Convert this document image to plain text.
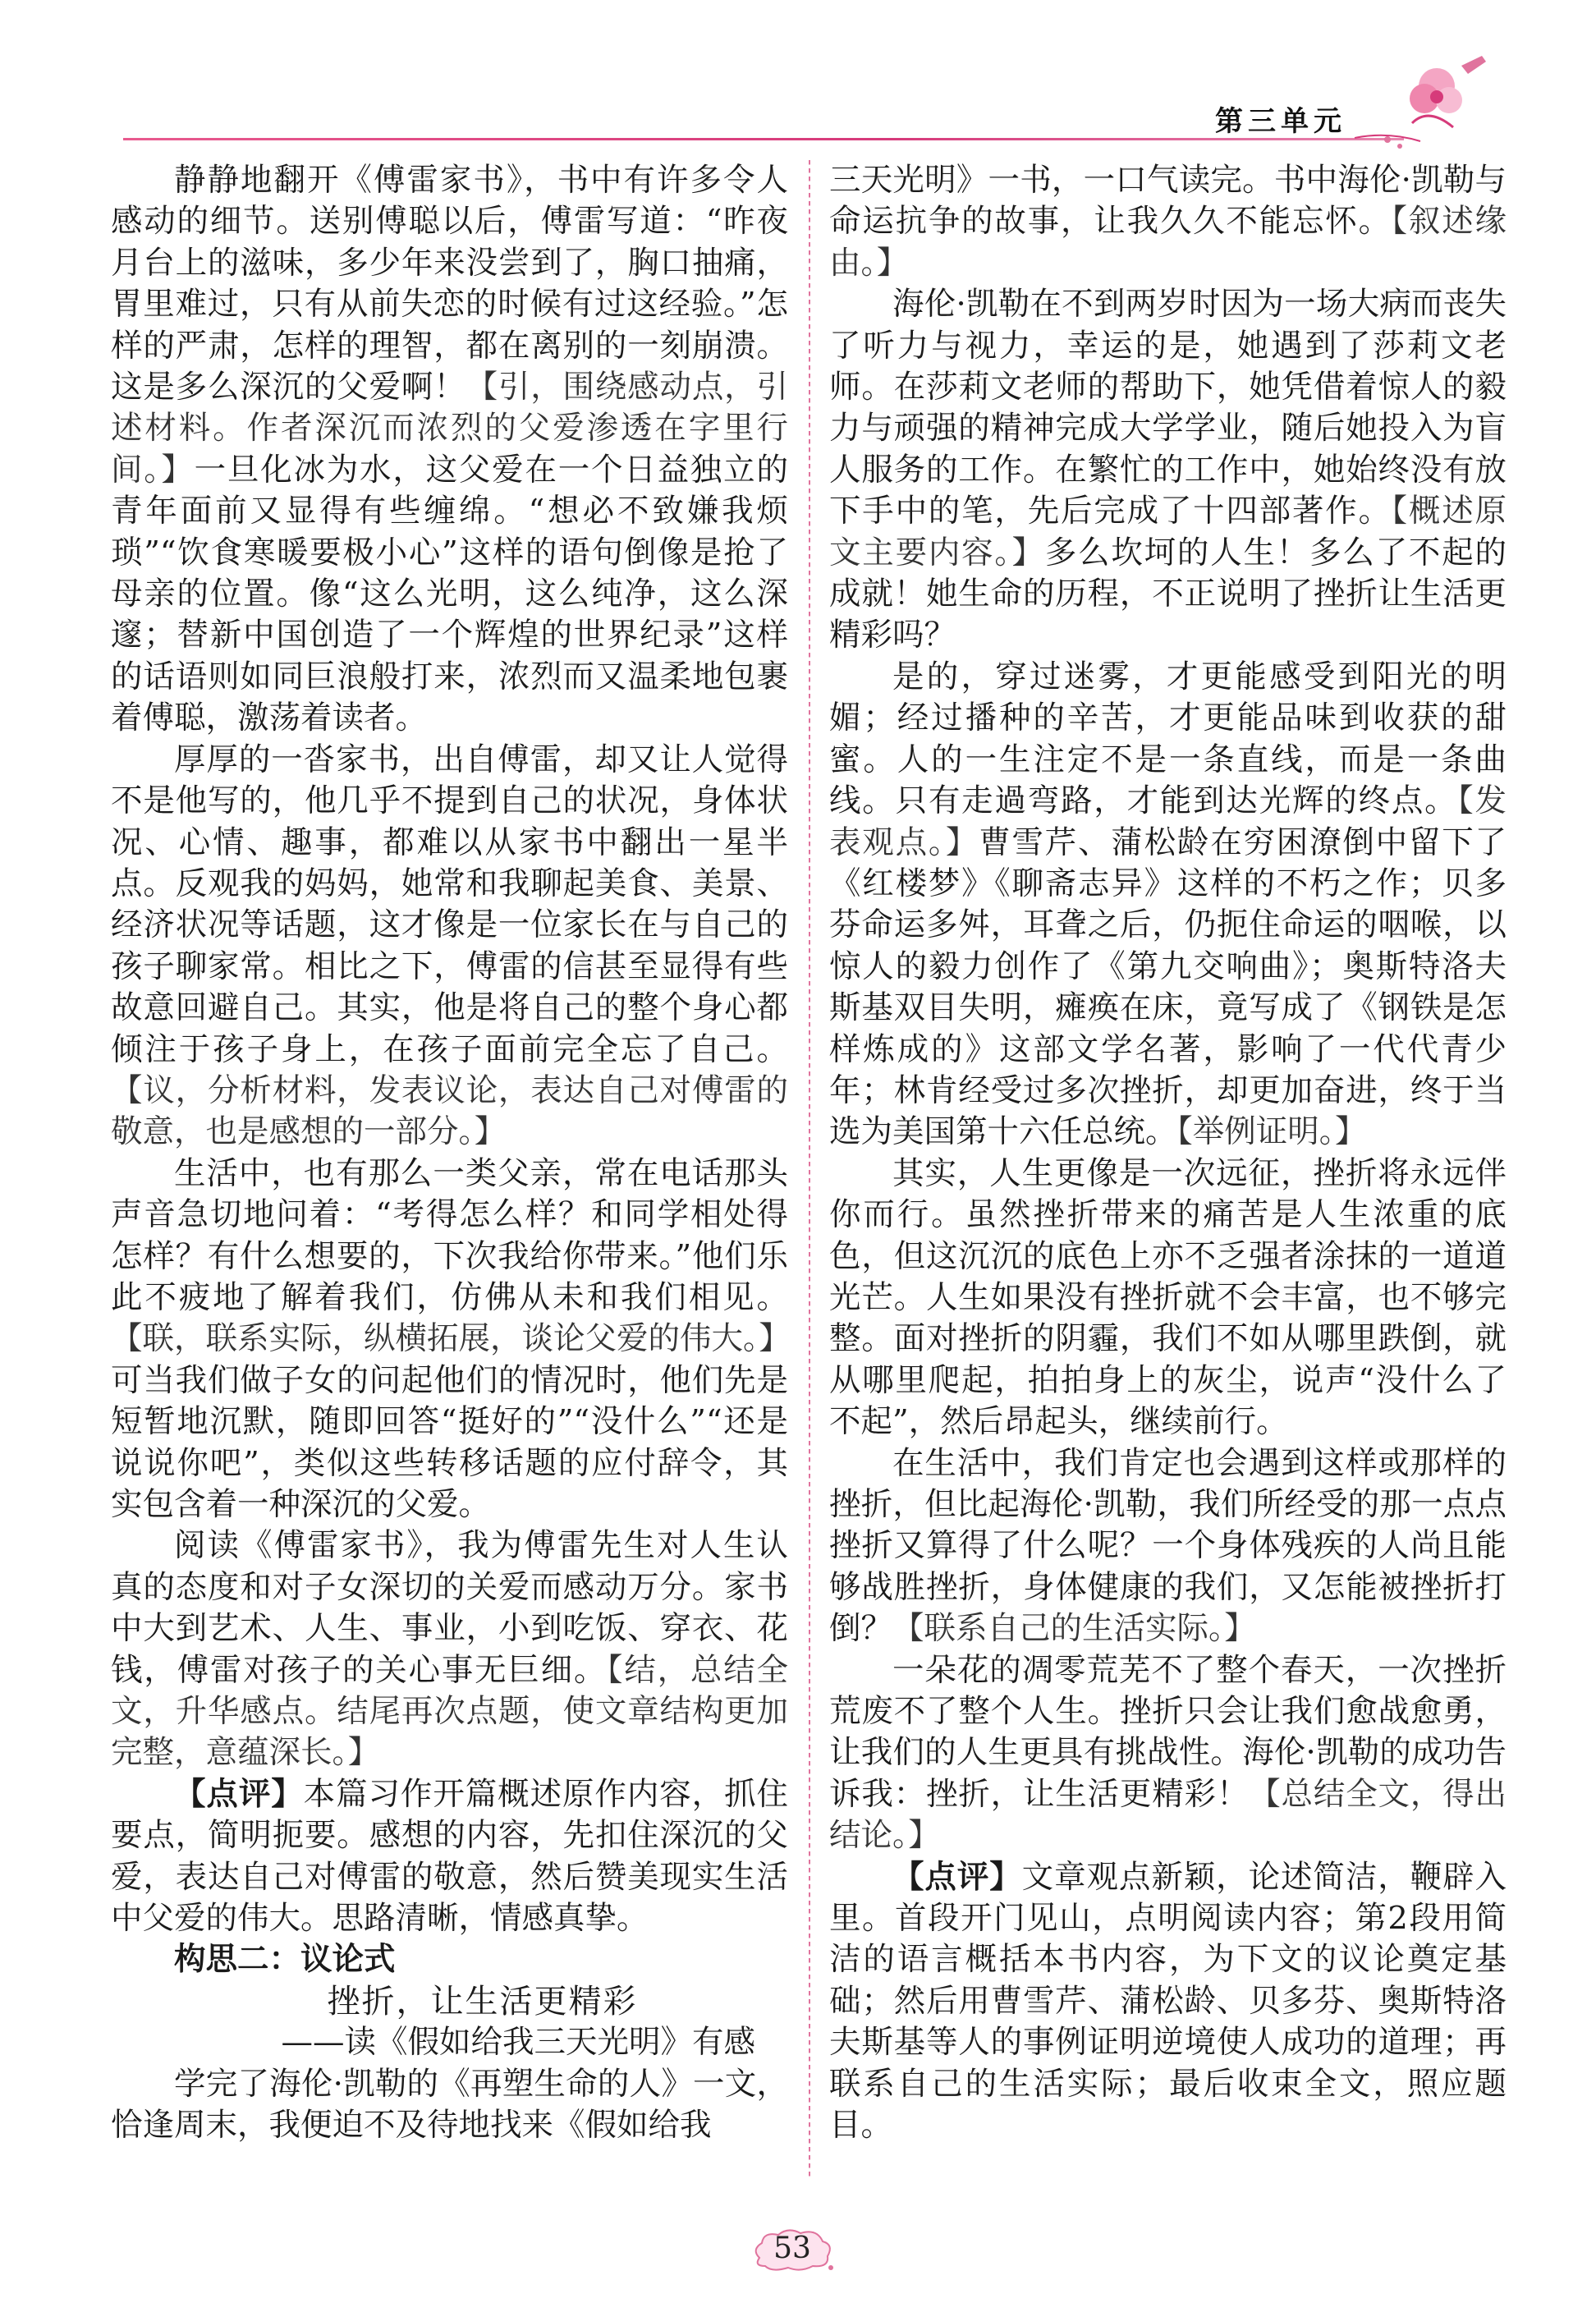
第三单元

静静地翻开《傅雷家书》，书中有许多令人感动的细节。送别傅聪以后，傅雷写道：“昨夜月台上的滋味，多少年来没尝到了，胸口抽痛，胃里难过，只有从前失恋的时候有过这经验。”怎样的严肃，怎样的理智，都在离别的一刻崩溃。这是多么深沉的父爱啊！【引，围绕感动点，引述材料。作者深沉而浓烈的父爱渗透在字里行间。】一旦化冰为水，这父爱在一个日益独立的青年面前又显得有些缠绵。“想必不致嫌我烦琐”“饮食寒暖要极小心”这样的语句倒像是抢了母亲的位置。像“这么光明，这么纯净，这么深邃；替新中国创造了一个辉煌的世界纪录”这样的话语则如同巨浪般打来，浓烈而又温柔地包裹着傅聪，激荡着读者。

厚厚的一沓家书，出自傅雷，却又让人觉得不是他写的，他几乎不提到自己的状况，身体状况、心情、趣事，都难以从家书中翻出一星半点。反观我的妈妈，她常和我聊起美食、美景、经济状况等话题，这才像是一位家长在与自己的孩子聊家常。相比之下，傅雷的信甚至显得有些故意回避自己。其实，他是将自己的整个身心都倾注于孩子身上，在孩子面前完全忘了自己。【议，分析材料，发表议论，表达自己对傅雷的敬意，也是感想的一部分。】

生活中，也有那么一类父亲，常在电话那头声音急切地问着：“考得怎么样？和同学相处得怎样？有什么想要的，下次我给你带来。”他们乐此不疲地了解着我们，仿佛从未和我们相见。【联，联系实际，纵横拓展，谈论父爱的伟大。】可当我们做子女的问起他们的情况时，他们先是短暂地沉默，随即回答“挺好的”“没什么”“还是说说你吧”，类似这些转移话题的应付辞令，其实包含着一种深沉的父爱。

阅读《傅雷家书》，我为傅雷先生对人生认真的态度和对子女深切的关爱而感动万分。家书中大到艺术、人生、事业，小到吃饭、穿衣、花钱，傅雷对孩子的关心事无巨细。【结，总结全文，升华感点。结尾再次点题，使文章结构更加完整，意蕴深长。】

【点评】本篇习作开篇概述原作内容，抓住要点，简明扼要。感想的内容，先扣住深沉的父爱，表达自己对傅雷的敬意，然后赞美现实生活中父爱的伟大。思路清晰，情感真挚。

构思二：议论式

挫折，让生活更精彩

——读《假如给我三天光明》有感

学完了海伦·凯勒的《再塑生命的人》一文，恰逢周末，我便迫不及待地找来《假如给我

三天光明》一书，一口气读完。书中海伦·凯勒与命运抗争的故事，让我久久不能忘怀。【叙述缘由。】

海伦·凯勒在不到两岁时因为一场大病而丧失了听力与视力，幸运的是，她遇到了莎莉文老师。在莎莉文老师的帮助下，她凭借着惊人的毅力与顽强的精神完成大学学业，随后她投入为盲人服务的工作。在繁忙的工作中，她始终没有放下手中的笔，先后完成了十四部著作。【概述原文主要内容。】多么坎坷的人生！多么了不起的成就！她生命的历程，不正说明了挫折让生活更精彩吗？

是的，穿过迷雾，才更能感受到阳光的明媚；经过播种的辛苦，才更能品味到收获的甜蜜。人的一生注定不是一条直线，而是一条曲线。只有走過弯路，才能到达光辉的终点。【发表观点。】曹雪芹、蒲松龄在穷困潦倒中留下了《红楼梦》《聊斋志异》这样的不朽之作；贝多芬命运多舛，耳聋之后，仍扼住命运的咽喉，以惊人的毅力创作了《第九交响曲》；奥斯特洛夫斯基双目失明，瘫痪在床，竟写成了《钢铁是怎样炼成的》这部文学名著，影响了一代代青少年；林肯经受过多次挫折，却更加奋进，终于当选为美国第十六任总统。【举例证明。】

其实，人生更像是一次远征，挫折将永远伴你而行。虽然挫折带来的痛苦是人生浓重的底色，但这沉沉的底色上亦不乏强者涂抹的一道道光芒。人生如果没有挫折就不会丰富，也不够完整。面对挫折的阴霾，我们不如从哪里跌倒，就从哪里爬起，拍拍身上的灰尘，说声“没什么了不起”，然后昂起头，继续前行。

在生活中，我们肯定也会遇到这样或那样的挫折，但比起海伦·凯勒，我们所经受的那一点点挫折又算得了什么呢？一个身体残疾的人尚且能够战胜挫折，身体健康的我们，又怎能被挫折打倒？【联系自己的生活实际。】

一朵花的凋零荒芜不了整个春天，一次挫折荒废不了整个人生。挫折只会让我们愈战愈勇，让我们的人生更具有挑战性。海伦·凯勒的成功告诉我：挫折，让生活更精彩！【总结全文，得出结论。】

【点评】文章观点新颖，论述简洁，鞭辟入里。首段开门见山，点明阅读内容；第2段用简洁的语言概括本书内容，为下文的议论奠定基础；然后用曹雪芹、蒲松龄、贝多芬、奥斯特洛夫斯基等人的事例证明逆境使人成功的道理；再联系自己的生活实际；最后收束全文，照应题目。

53
